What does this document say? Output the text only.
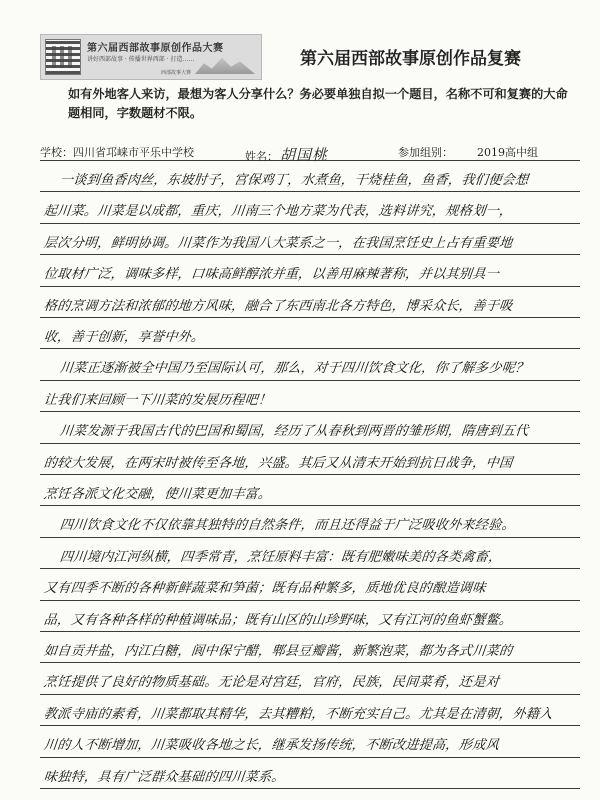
第六届西部故事原创作品大赛
讲好西部故事 · 传播世界西部 · 打造……
西部故事大赛
第六届西部故事原创作品复赛
如有外地客人来访，最想为客人分享什么？务必要单独自拟一个题目，名称不可和复赛的大命
题相同，字数题材不限。
学校：四川省邛崃市平乐中学校	姓名： 胡国桃	参加组别： 2019高中组
一谈到鱼香肉丝，东坡肘子，宫保鸡丁，水煮鱼，干烧桂鱼，鱼香，我们便会想
起川菜。川菜是以成都，重庆，川南三个地方菜为代表，选料讲究，规格划一，
层次分明，鲜明协调。川菜作为我国八大菜系之一，在我国烹饪史上占有重要地
位取材广泛，调味多样，口味高鲜醇浓并重，以善用麻辣著称，并以其别具一
格的烹调方法和浓郁的地方风味，融合了东西南北各方特色，博采众长，善于吸
收，善于创新，享誉中外。
川菜正逐渐被全中国乃至国际认可，那么，对于四川饮食文化，你了解多少呢？
让我们来回顾一下川菜的发展历程吧！
川菜发源于我国古代的巴国和蜀国，经历了从春秋到两晋的雏形期，隋唐到五代
的较大发展，在两宋时被传至各地，兴盛。其后又从清末开始到抗日战争，中国
烹饪各派文化交融，使川菜更加丰富。
四川饮食文化不仅依靠其独特的自然条件，而且还得益于广泛吸收外来经验。
四川境内江河纵横，四季常青，烹饪原料丰富：既有肥嫩味美的各类禽畜，
又有四季不断的各种新鲜蔬菜和笋菌；既有品种繁多，质地优良的酿造调味
品，又有各种各样的种植调味品；既有山区的山珍野味，又有江河的鱼虾蟹鳖。
如自贡井盐，内江白糖，阆中保宁醋，郫县豆瓣酱，新繁泡菜，都为各式川菜的
烹饪提供了良好的物质基础。无论是对宫廷，官府，民族，民间菜肴，还是对
教派寺庙的素肴，川菜都取其精华，去其糟粕，不断充实自己。尤其是在清朝，外籍入
川的人不断增加，川菜吸收各地之长，继承发扬传统，不断改进提高，形成风
味独特，具有广泛群众基础的四川菜系。
